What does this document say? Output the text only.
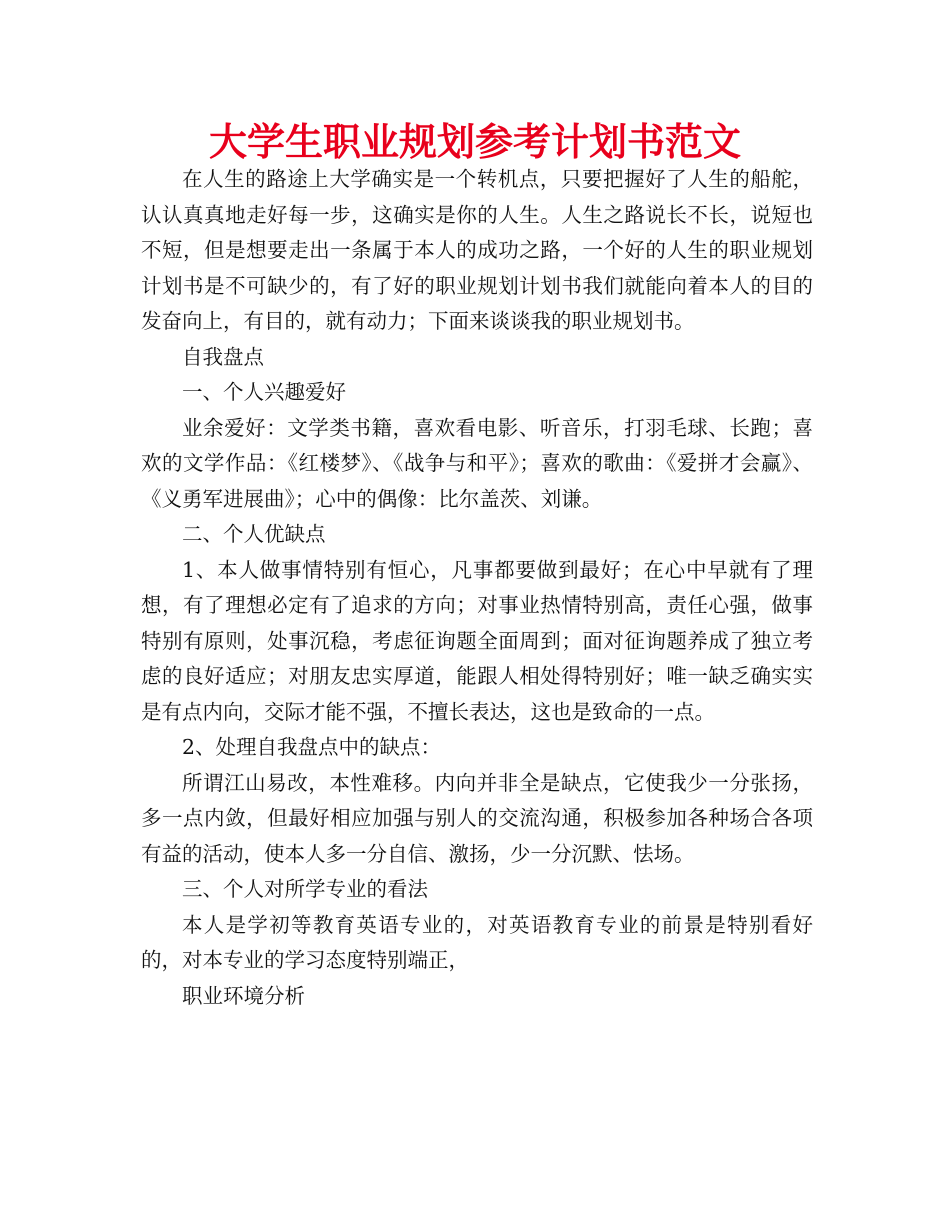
大学生职业规划参考计划书范文

在人生的路途上大学确实是一个转机点，只要把握好了人生的船舵，认认真真地走好每一步，这确实是你的人生。人生之路说长不长，说短也不短，但是想要走出一条属于本人的成功之路，一个好的人生的职业规划计划书是不可缺少的，有了好的职业规划计划书我们就能向着本人的目的发奋向上，有目的，就有动力；下面来谈谈我的职业规划书。

自我盘点

一、个人兴趣爱好

业余爱好：文学类书籍，喜欢看电影、听音乐，打羽毛球、长跑；喜欢的文学作品：《红楼梦》、《战争与和平》；喜欢的歌曲：《爱拼才会赢》、《义勇军进展曲》；心中的偶像：比尔盖茨、刘谦。

二、个人优缺点

1、本人做事情特别有恒心，凡事都要做到最好；在心中早就有了理想，有了理想必定有了追求的方向；对事业热情特别高，责任心强，做事特别有原则，处事沉稳，考虑征询题全面周到；面对征询题养成了独立考虑的良好适应；对朋友忠实厚道，能跟人相处得特别好；唯一缺乏确实实是有点内向，交际才能不强，不擅长表达，这也是致命的一点。

2、处理自我盘点中的缺点：

所谓江山易改，本性难移。内向并非全是缺点，它使我少一分张扬，多一点内敛，但最好相应加强与别人的交流沟通，积极参加各种场合各项有益的活动，使本人多一分自信、激扬，少一分沉默、怯场。

三、个人对所学专业的看法

本人是学初等教育英语专业的，对英语教育专业的前景是特别看好的，对本专业的学习态度特别端正，

职业环境分析
